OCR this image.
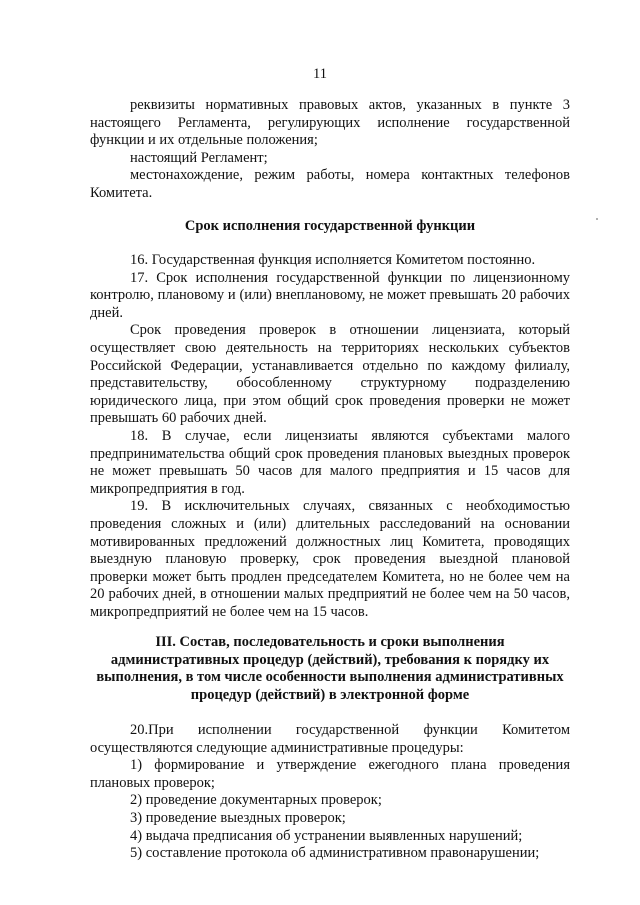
11

реквизиты нормативных правовых актов, указанных в пункте 3 настоящего Регламента, регулирующих исполнение государственной функции и их отдельные положения;

настоящий Регламент;

местонахождение, режим работы, номера контактных телефонов Комитета.

Срок исполнения государственной функции

16. Государственная функция исполняется Комитетом постоянно.

17. Срок исполнения государственной функции по лицензионному контролю, плановому и (или) внеплановому, не может превышать 20 рабочих дней.

Срок проведения проверок в отношении лицензиата, который осуществляет свою деятельность на территориях нескольких субъектов Российской Федерации, устанавливается отдельно по каждому филиалу, представительству, обособленному структурному подразделению юридического лица, при этом общий срок проведения проверки не может превышать 60 рабочих дней.

18. В случае, если лицензиаты являются субъектами малого предпринимательства общий срок проведения плановых выездных проверок не может превышать 50 часов для малого предприятия и 15 часов для микропредприятия в год.

19. В исключительных случаях, связанных с необходимостью проведения сложных и (или) длительных расследований на основании мотивированных предложений должностных лиц Комитета, проводящих выездную плановую проверку, срок проведения выездной плановой проверки может быть продлен председателем Комитета, но не более чем на 20 рабочих дней, в отношении малых предприятий не более чем на 50 часов, микропредприятий не более чем на 15 часов.

III. Состав, последовательность и сроки выполнения административных процедур (действий), требования к порядку их выполнения, в том числе особенности выполнения административных процедур (действий) в электронной форме

20.При исполнении государственной функции Комитетом осуществляются следующие административные процедуры:

1) формирование и утверждение ежегодного плана проведения плановых проверок;

2) проведение документарных проверок;

3) проведение выездных проверок;

4) выдача предписания об устранении выявленных нарушений;

5) составление протокола об административном правонарушении;
